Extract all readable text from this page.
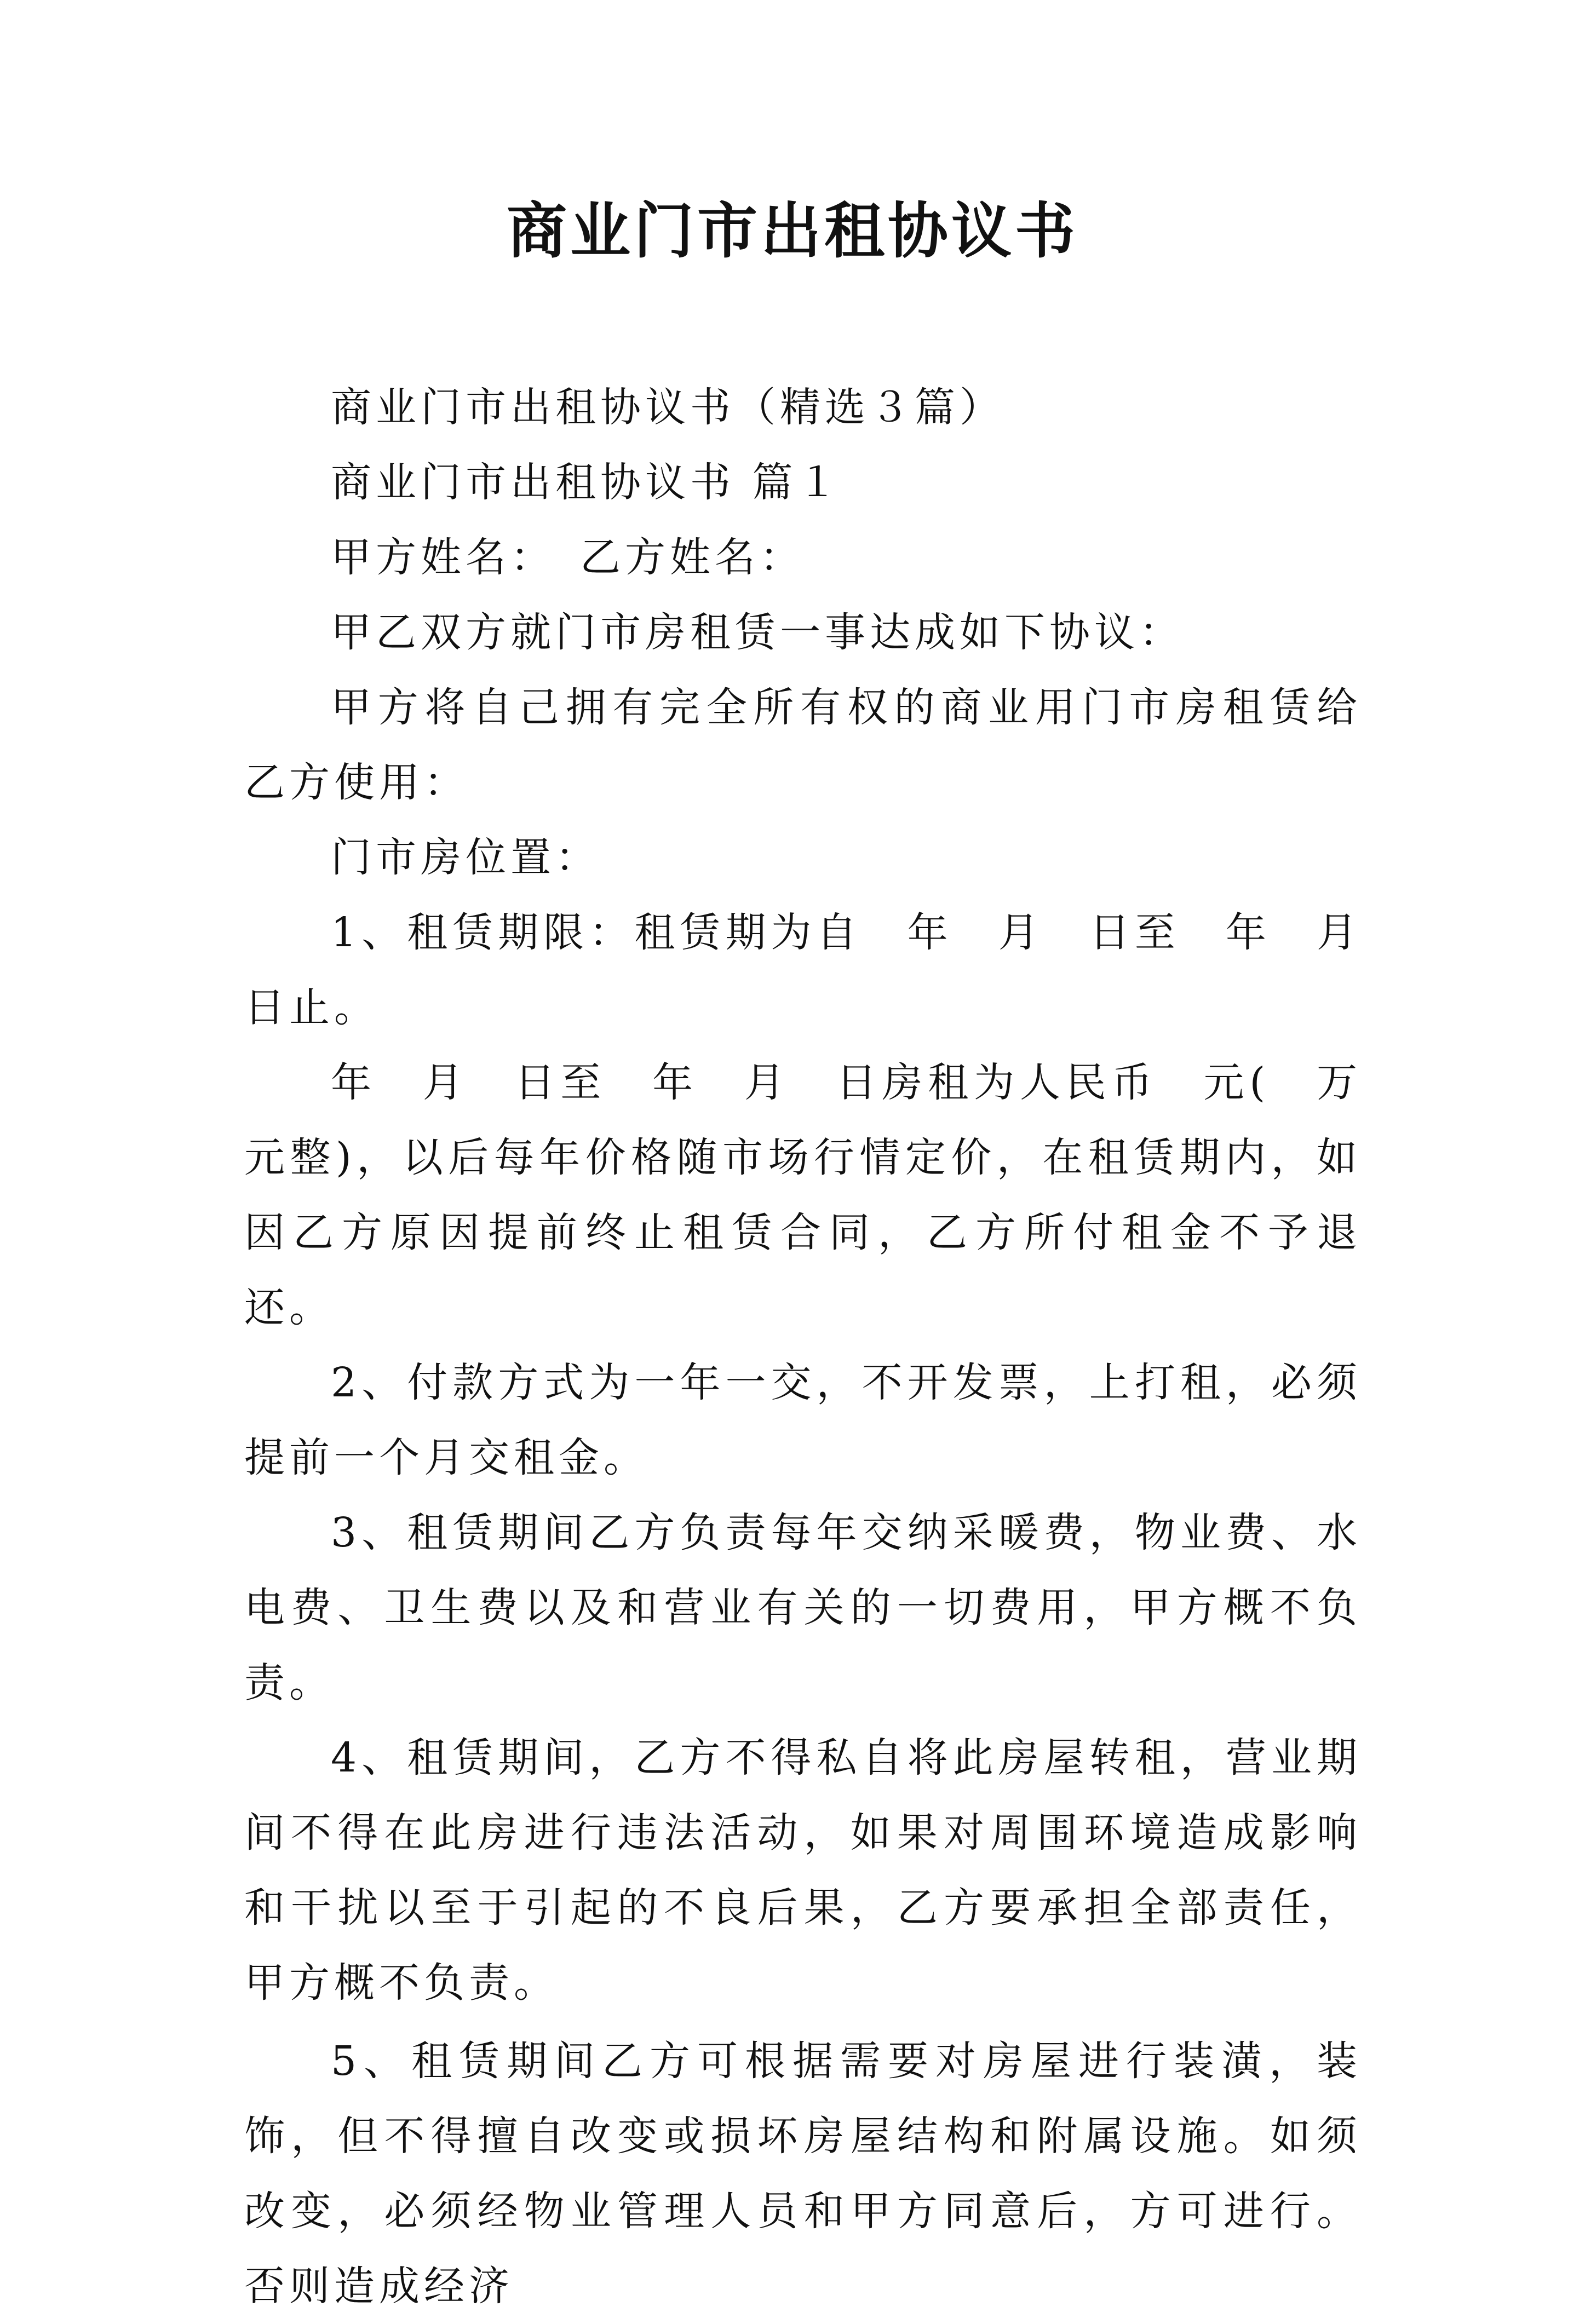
商业门市出租协议书

商业门市出租协议书（精选３篇）

商业门市出租协议书 篇１

甲方姓名：　乙方姓名：

甲乙双方就门市房租赁一事达成如下协议：

甲方将自己拥有完全所有权的商业用门市房租赁给乙方使用：

门市房位置：

1、租赁期限：租赁期为自　年　月　日至　年　月　日止。

年　月　日至　年　月　日房租为人民币　元(　万元整)，以后每年价格随市场行情定价，在租赁期内，如因乙方原因提前终止租赁合同，乙方所付租金不予退还。

2、付款方式为一年一交，不开发票，上打租，必须提前一个月交租金。

3、租赁期间乙方负责每年交纳采暖费，物业费、水电费、卫生费以及和营业有关的一切费用，甲方概不负责。

4、租赁期间，乙方不得私自将此房屋转租，营业期间不得在此房进行违法活动，如果对周围环境造成影响和干扰以至于引起的不良后果，乙方要承担全部责任，甲方概不负责。

5、租赁期间乙方可根据需要对房屋进行装潢，装饰，但不得擅自改变或损坏房屋结构和附属设施。如须改变，必须经物业管理人员和甲方同意后，方可进行。否则造成经济
